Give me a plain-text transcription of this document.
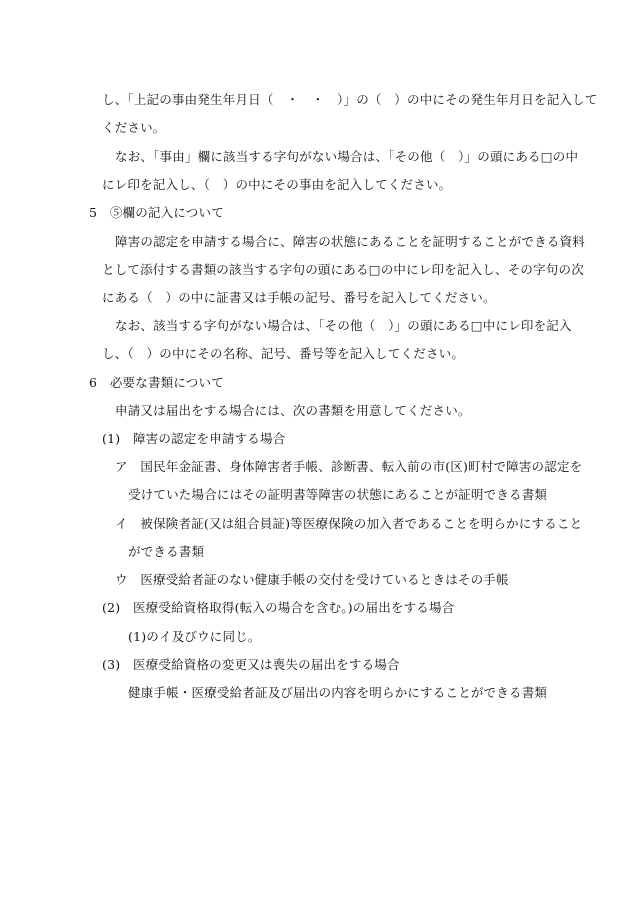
し、「上記の事由発生年月日（　・　・　）」の（　）の中にその発生年月日を記入して
ください。
なお、「事由」欄に該当する字句がない場合は、「その他（　）」の頭にある□の中
にレ印を記入し、（　）の中にその事由を記入してください。
5　⑤欄の記入について
障害の認定を申請する場合に、障害の状態にあることを証明することができる資料
として添付する書類の該当する字句の頭にある□の中にレ印を記入し、その字句の次
にある（　）の中に証書又は手帳の記号、番号を記入してください。
なお、該当する字句がない場合は、「その他（　）」の頭にある□中にレ印を記入
し、（　）の中にその名称、記号、番号等を記入してください。
6　必要な書類について
申請又は届出をする場合には、次の書類を用意してください。
(1)　障害の認定を申請する場合
ア　国民年金証書、身体障害者手帳、診断書、転入前の市(区)町村で障害の認定を
受けていた場合にはその証明書等障害の状態にあることが証明できる書類
イ　被保険者証(又は組合員証)等医療保険の加入者であることを明らかにすること
ができる書類
ウ　医療受給者証のない健康手帳の交付を受けているときはその手帳
(2)　医療受給資格取得(転入の場合を含む。)の届出をする場合
(1)のイ及びウに同じ。
(3)　医療受給資格の変更又は喪失の届出をする場合
健康手帳・医療受給者証及び届出の内容を明らかにすることができる書類
